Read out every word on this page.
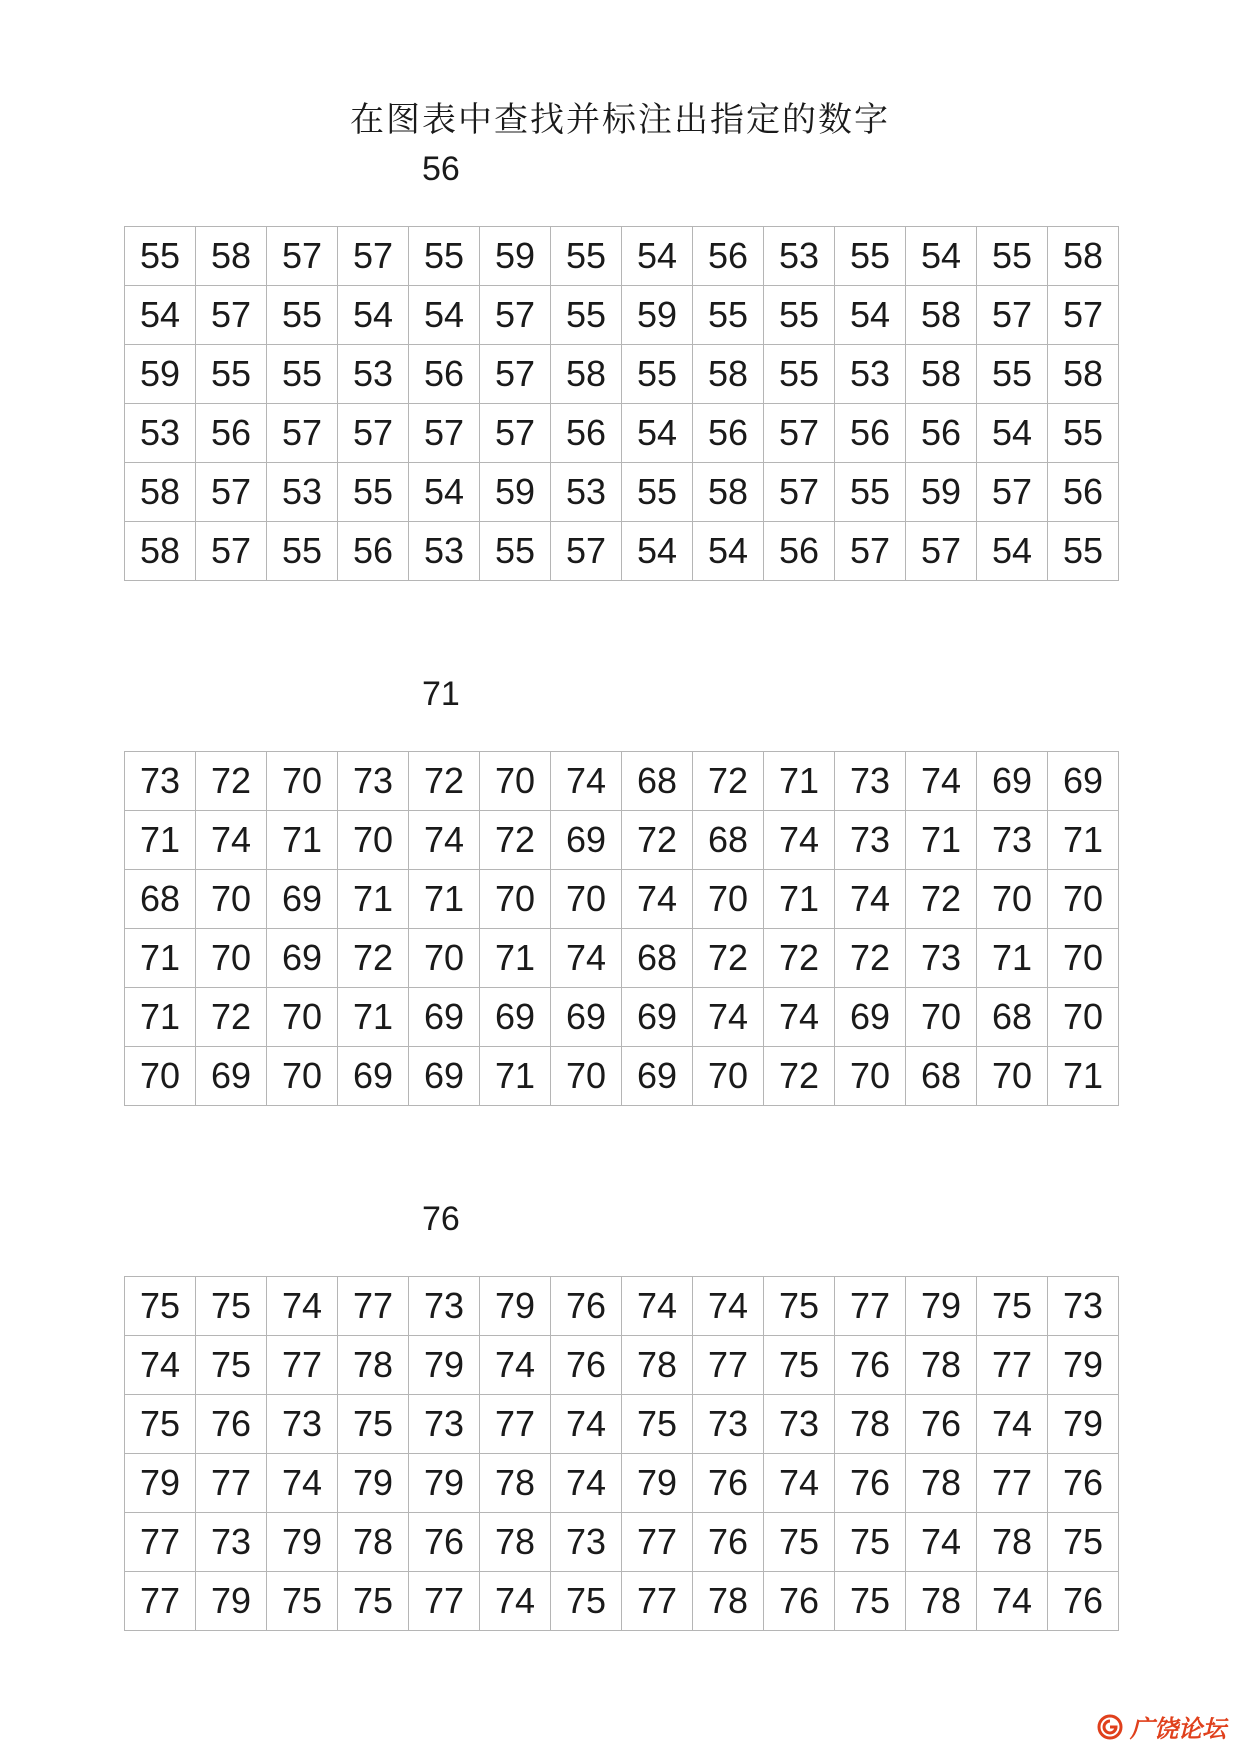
在图表中查找并标注出指定的数字
56
55	58	57	57	55	59	55	54	56	53	55	54	55	58
54	57	55	54	54	57	55	59	55	55	54	58	57	57
59	55	55	53	56	57	58	55	58	55	53	58	55	58
53	56	57	57	57	57	56	54	56	57	56	56	54	55
58	57	53	55	54	59	53	55	58	57	55	59	57	56
58	57	55	56	53	55	57	54	54	56	57	57	54	55
71
73	72	70	73	72	70	74	68	72	71	73	74	69	69
71	74	71	70	74	72	69	72	68	74	73	71	73	71
68	70	69	71	71	70	70	74	70	71	74	72	70	70
71	70	69	72	70	71	74	68	72	72	72	73	71	70
71	72	70	71	69	69	69	69	74	74	69	70	68	70
70	69	70	69	69	71	70	69	70	72	70	68	70	71
76
75	75	74	77	73	79	76	74	74	75	77	79	75	73
74	75	77	78	79	74	76	78	77	75	76	78	77	79
75	76	73	75	73	77	74	75	73	73	78	76	74	79
79	77	74	79	79	78	74	79	76	74	76	78	77	76
77	73	79	78	76	78	73	77	76	75	75	74	78	75
77	79	75	75	77	74	75	77	78	76	75	78	74	76
广饶论坛
